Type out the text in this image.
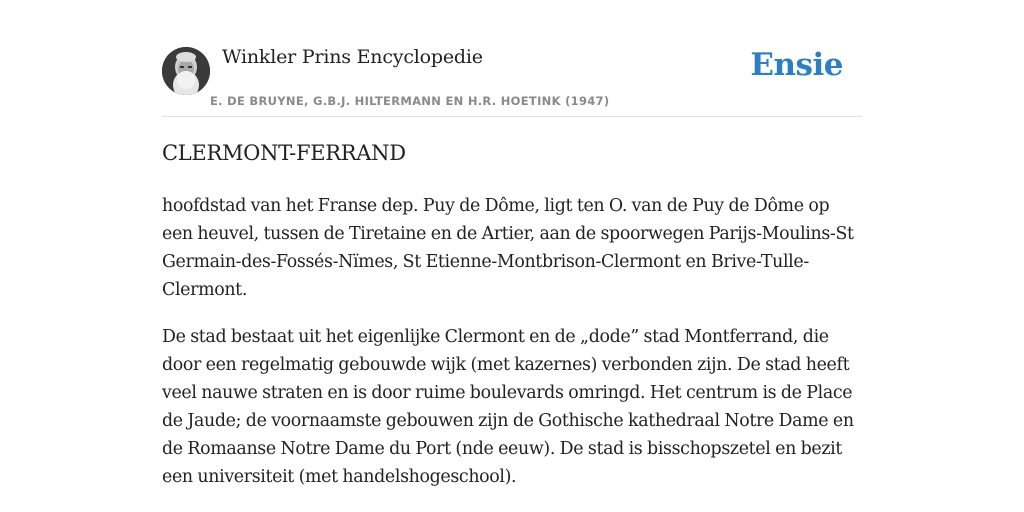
Winkler Prins Encyclopedie
E. DE BRUYNE, G.B.J. HILTERMANN EN H.R. HOETINK (1947)
Ensie
CLERMONT-FERRAND

hoofdstad van het Franse dep. Puy de Dôme, ligt ten O. van de Puy de Dôme op een heuvel, tussen de Tiretaine en de Artier, aan de spoorwegen Parijs-Moulins-St Germain-des-Fossés-Nïmes, St Etienne-Montbrison-Clermont en Brive-Tulle-Clermont.

De stad bestaat uit het eigenlijke Clermont en de „dode” stad Montferrand, die door een regelmatig gebouwde wijk (met kazernes) verbonden zijn. De stad heeft veel nauwe straten en is door ruime boulevards omringd. Het centrum is de Place de Jaude; de voornaamste gebouwen zijn de Gothische kathedraal Notre Dame en de Romaanse Notre Dame du Port (nde eeuw). De stad is bisschopszetel en bezit een universiteit (met handelshogeschool).
